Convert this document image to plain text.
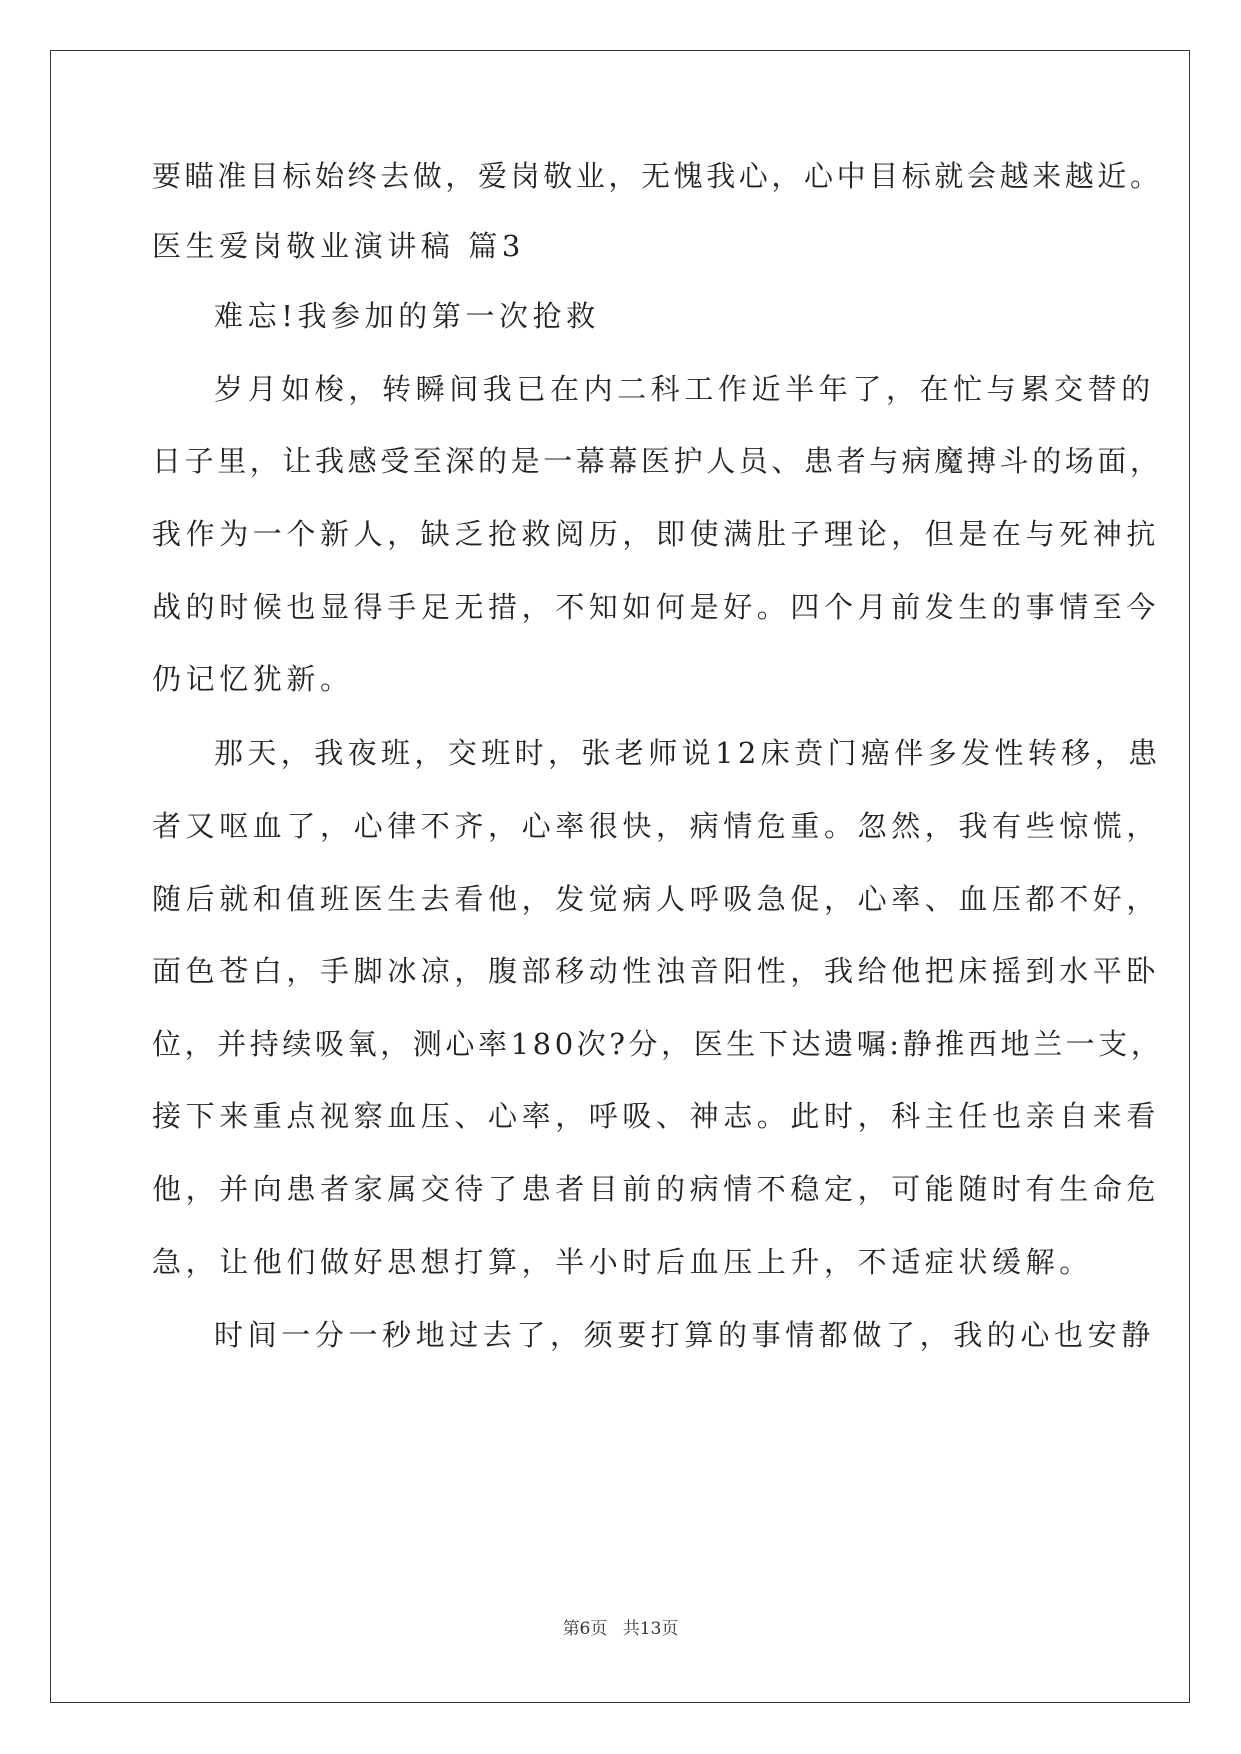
要瞄准目标始终去做，爱岗敬业，无愧我心，心中目标就会越来越近。
医生爱岗敬业演讲稿 篇3
难忘!我参加的第一次抢救
岁月如梭，转瞬间我已在内二科工作近半年了，在忙与累交替的
日子里，让我感受至深的是一幕幕医护人员、患者与病魔搏斗的场面，
我作为一个新人，缺乏抢救阅历，即使满肚子理论，但是在与死神抗
战的时候也显得手足无措，不知如何是好。四个月前发生的事情至今
仍记忆犹新。
那天，我夜班，交班时，张老师说12床贲门癌伴多发性转移，患
者又呕血了，心律不齐，心率很快，病情危重。忽然，我有些惊慌，
随后就和值班医生去看他，发觉病人呼吸急促，心率、血压都不好，
面色苍白，手脚冰凉，腹部移动性浊音阳性，我给他把床摇到水平卧
位，并持续吸氧，测心率180次?分，医生下达遗嘱:静推西地兰一支，
接下来重点视察血压、心率，呼吸、神志。此时，科主任也亲自来看
他，并向患者家属交待了患者目前的病情不稳定，可能随时有生命危
急，让他们做好思想打算，半小时后血压上升，不适症状缓解。
时间一分一秒地过去了，须要打算的事情都做了，我的心也安静
第6页 共13页
